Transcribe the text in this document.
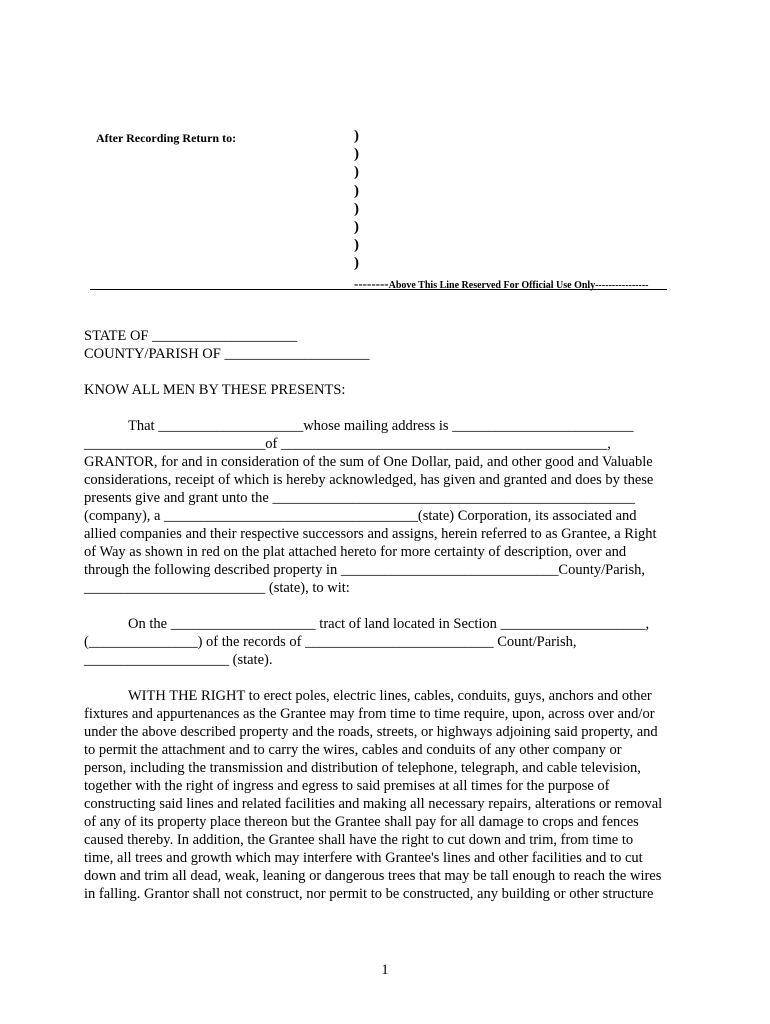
After Recording Return to:	)
)
)
)
)
)
)
)
--------Above This Line Reserved For Official Use Only----------------

STATE OF ____________________

COUNTY/PARISH OF ____________________

KNOW ALL MEN BY THESE PRESENTS:

That ____________________whose mailing address is _________________________

_________________________of _____________________________________________,

GRANTOR, for and in consideration of the sum of One Dollar, paid, and other good and Valuable

considerations, receipt of which is hereby acknowledged, has given and granted and does by these

presents give and grant unto the __________________________________________________

(company), a ___________________________________(state) Corporation, its associated and

allied companies and their respective successors and assigns, herein referred to as Grantee, a Right

of Way as shown in red on the plat attached hereto for more certainty of description, over and

through the following described property in ______________________________County/Parish,

_________________________ (state), to wit:

On the ____________________ tract of land located in Section ____________________,

(_______________) of the records of __________________________ Count/Parish,

____________________ (state).

WITH THE RIGHT to erect poles, electric lines, cables, conduits, guys, anchors and other

fixtures and appurtenances as the Grantee may from time to time require, upon, across over and/or

under the above described property and the roads, streets, or highways adjoining said property, and

to permit the attachment and to carry the wires, cables and conduits of any other company or

person, including the transmission and distribution of telephone, telegraph, and cable television,

together with the right of ingress and egress to said premises at all times for the purpose of

constructing said lines and related facilities and making all necessary repairs, alterations or removal

of any of its property place thereon but the Grantee shall pay for all damage to crops and fences

caused thereby. In addition, the Grantee shall have the right to cut down and trim, from time to

time, all trees and growth which may interfere with Grantee's lines and other facilities and to cut

down and trim all dead, weak, leaning or dangerous trees that may be tall enough to reach the wires

in falling. Grantor shall not construct, nor permit to be constructed, any building or other structure

1
